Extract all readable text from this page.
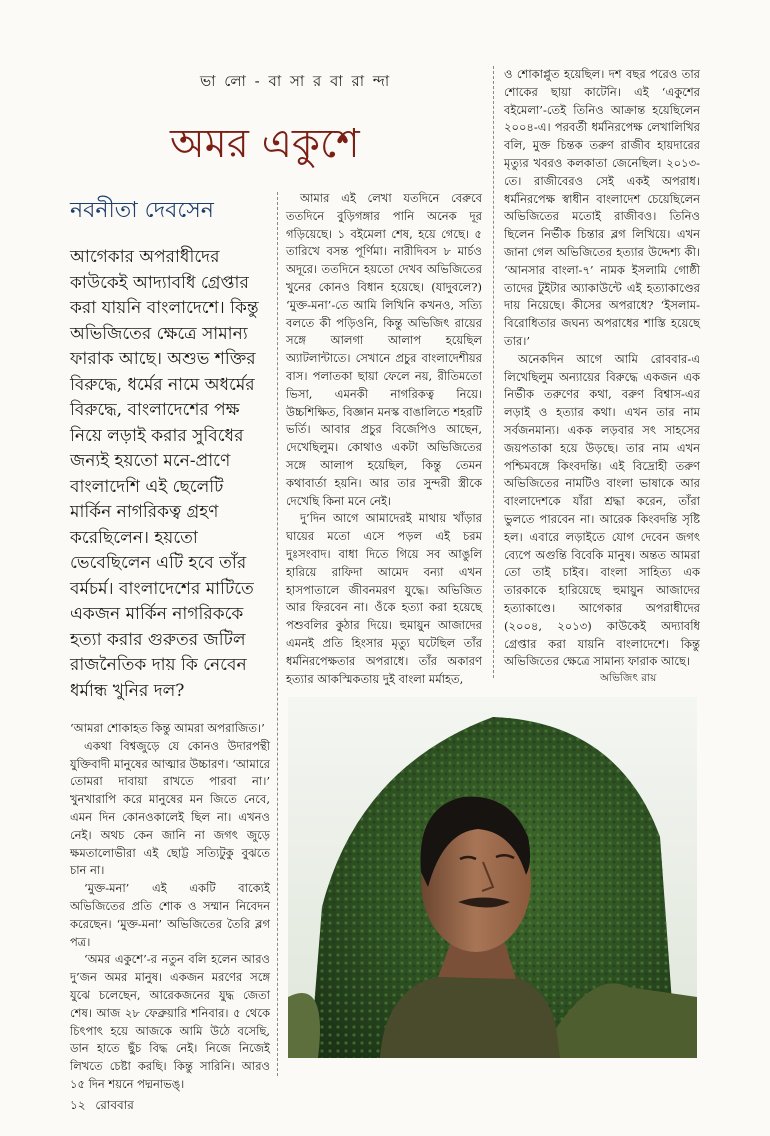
ভা লো - বা সা র বা রা ন্দা
অমর একুশে
নবনীতা দেবসেন
আগেকার অপরাধীদের কাউকেই আদ্যাবধি গ্রেপ্তার করা যায়নি বাংলাদেশে। কিন্তু অভিজিতের ক্ষেত্রে সামান্য ফারাক আছে। অশুভ শক্তির বিরুদ্ধে, ধর্মের নামে অধর্মের বিরুদ্ধে, বাংলাদেশের পক্ষ নিয়ে লড়াই করার সুবিধের জন্যই হয়তো মনে-প্রাণে বাংলাদেশি এই ছেলেটি মার্কিন নাগরিকত্ব গ্রহণ করেছিলেন। হয়তো ভেবেছিলেন এটি হবে তাঁর বর্মচর্ম। বাংলাদেশের মাটিতে একজন মার্কিন নাগরিককে হত্যা করার গুরুতর জটিল রাজনৈতিক দায় কি নেবেন ধর্মান্ধ খুনির দল?

‘আমরা শোকাহত কিন্তু আমরা অপরাজিত।’

একথা বিশ্বজুড়ে যে কোনও উদারপন্থী যুক্তিবাদী মানুষের আত্মার উচ্চারণ। ‘আমারে তোমরা দাবায়া রাখতে পারবা না।’ খুনখারাপি করে মানুষের মন জিতে নেবে, এমন দিন কোনওকালেই ছিল না। এখনও নেই। অথচ কেন জানি না জগৎ জুড়ে ক্ষমতালোভীরা এই ছোট্ট সত্যিটুকু বুঝতে চান না।

‘মুক্ত-মনা’ এই একটি বাক্যেই অভিজিতের প্রতি শোক ও সম্মান নিবেদন করেছেন। ‘মুক্ত-মনা’ অভিজিতের তৈরি ব্লগ পত্র।

‘অমর একুশে’-র নতুন বলি হলেন আরও দু’জন অমর মানুষ। একজন মরণের সঙ্গে যুঝে চলেছেন, আরেকজনের যুদ্ধ জেতা শেষ। আজ ২৮ ফেব্রুয়ারি শনিবার। ৫ থেকে চিৎপাৎ হয়ে আজকে আমি উঠে বসেছি, ডান হাতে ছুঁচ বিদ্ধ নেই। নিজে নিজেই লিখতে চেষ্টা করছি। কিন্তু সারিনি। আরও ১৫ দিন শয়নে পদ্মনাভঙ্।

আমার এই লেখা যতদিনে বেরুবে ততদিনে বুড়িগঙ্গার পানি অনেক দূর গড়িয়েছে। ১ বইমেলা শেষ, হয়ে গেছে। ৫ তারিখে বসন্ত পূর্ণিমা। নারীদিবস ৮ মার্চও অদূরে। ততদিনে হয়তো দেখব অভিজিতের খুনের কোনও বিধান হয়েছে। (যাদুবলে?) ‘মুক্ত-মনা’-তে আমি লিখিনি কখনও, সত্যি বলতে কী পড়িওনি, কিন্তু অভিজিৎ রায়ের সঙ্গে আলগা আলাপ হয়েছিল অ্যাটলান্টাতে। সেখানে প্রচুর বাংলাদেশীয়র বাস। পলাতকা ছায়া ফেলে নয়, রীতিমতো ভিসা, এমনকী নাগরিকত্ব নিয়ে। উচ্চশিক্ষিত, বিজ্ঞান মনস্ক বাঙালিতে শহরটি ভর্তি। আবার প্রচুর বিজেপিও আছেন, দেখেছিলুম। কোথাও একটা অভিজিতের সঙ্গে আলাপ হয়েছিল, কিন্তু তেমন কথাবার্তা হয়নি। আর তার সুন্দরী স্ত্রীকে দেখেছি কিনা মনে নেই।

দু’দিন আগে আমাদেরই মাথায় খাঁড়ার ঘায়ের মতো এসে পড়ল এই চরম দুঃসংবাদ। বাধা দিতে গিয়ে সব আঙুলি হারিয়ে রাফিদা আমেদ বন্যা এখন হাসপাতালে জীবনমরণ যুদ্ধে। অভিজিত আর ফিরবেন না। ওঁকে হত্যা করা হয়েছে পশুবলির কুঠার দিয়ে। হুমায়ুন আজাদের এমনই প্রতি হিংসার মৃত্যু ঘটেছিল তাঁর ধর্মনিরপেক্ষতার অপরাধে। তাঁর অকারণ হত্যার আকস্মিকতায় দুই বাংলা মর্মাহত,

ও শোকাপ্লুত হয়েছিল। দশ বছর পরেও তার শোকের ছায়া কাটেনি। এই ‘একুশের বইমেলা’-তেই তিনিও আক্রান্ত হয়েছিলেন ২০০৪-এ। পরবর্তী ধর্মনিরপেক্ষ লেখালিখির বলি, মুক্ত চিন্তক তরুণ রাজীব হায়দারের মৃত্যুর খবরও কলকাতা জেনেছিল। ২০১৩-তে। রাজীবেরও সেই একই অপরাধ। ধর্মনিরপেক্ষ স্বাধীন বাংলাদেশ চেয়েছিলেন অভিজিতের মতোই রাজীবও। তিনিও ছিলেন নির্ভীক চিন্তার ব্লগ লিখিয়ে। এখন জানা গেল অভিজিতের হত্যার উদ্দেশ্য কী। ‘আনসার বাংলা-৭’ নামক ইসলামি গোষ্ঠী তাদের টুইটার অ্যাকাউন্টে এই হত্যাকাণ্ডের দায় নিয়েছে। কীসের অপরাধে? ‘ইসলাম-বিরোধিতার জঘন্য অপরাধের শাস্তি হয়েছে তার।’

অনেকদিন আগে আমি রোববার-এ লিখেছিলুম অন্যায়ের বিরুদ্ধে একজন এক নির্ভীক তরুণের কথা, বরুণ বিশ্বাস-এর লড়াই ও হত্যার কথা। এখন তার নাম সর্বজনমান্য। একক লড়বার সৎ সাহসের জয়পতাকা হয়ে উড়ছে। তার নাম এখন পশ্চিমবঙ্গে কিংবদন্তি। এই বিদ্রোহী তরুণ অভিজিতের নামটিও বাংলা ভাষাকে আর বাংলাদেশকে যাঁরা শ্রদ্ধা করেন, তাঁরা ভুলতে পারবেন না। আরেক কিংবদন্তি সৃষ্টি হল। এবারে লড়াইতে যোগ দেবেন জগৎ ব্যেপে অগুন্তি বিবেকি মানুষ। অন্তত আমরা তো তাই চাইব। বাংলা সাহিত্য এক তারকাকে হারিয়েছে হুমায়ুন আজাদের হত্যাকাণ্ডে। আগেকার অপরাধীদের (২০০৪, ২০১৩) কাউকেই অদ্যাবধি গ্রেপ্তার করা যায়নি বাংলাদেশে। কিন্তু অভিজিতের ক্ষেত্রে সামান্য ফারাক আছে।

অভিজিৎ রায়
১২ রোববার
